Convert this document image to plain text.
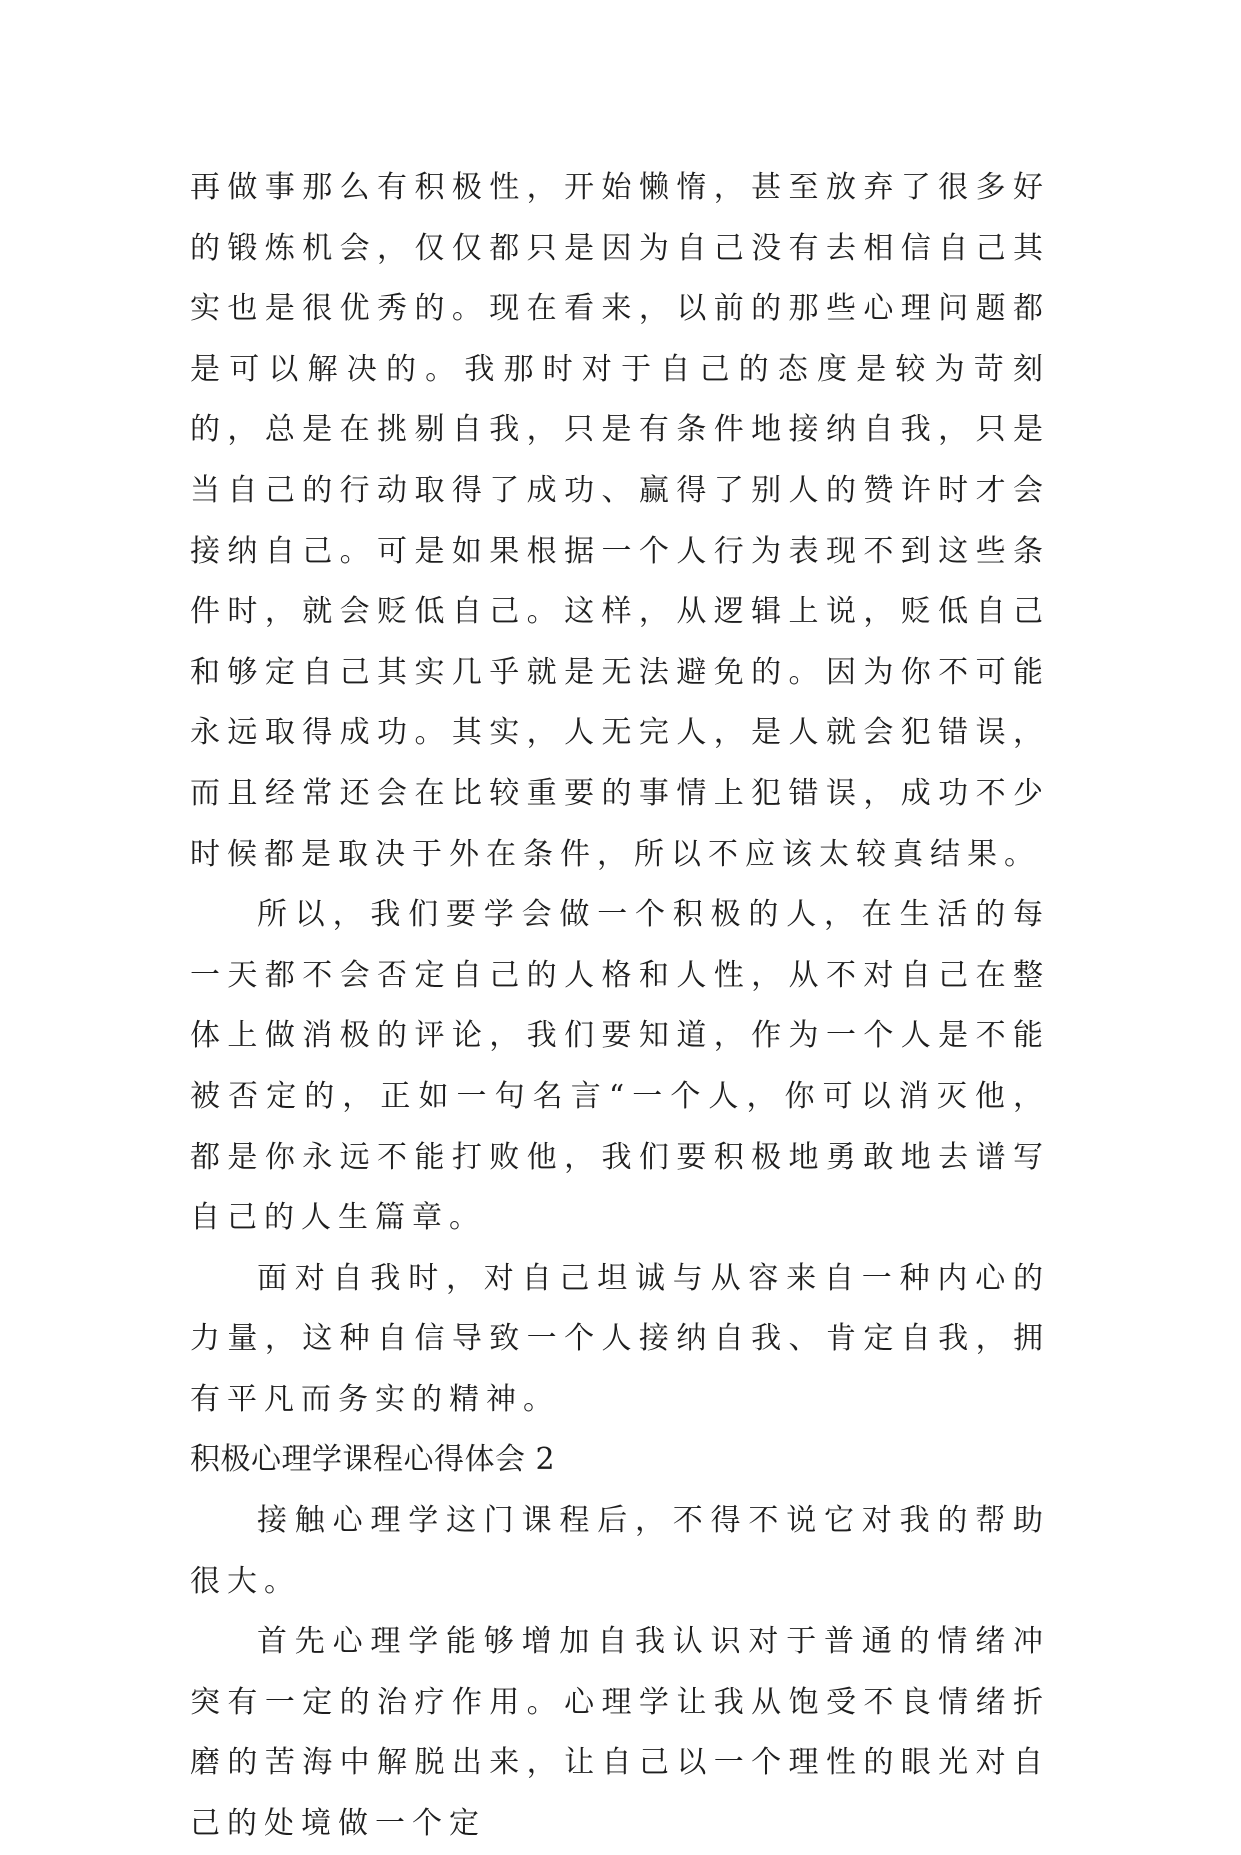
再做事那么有积极性，开始懒惰，甚至放弃了很多好的锻炼机会，仅仅都只是因为自己没有去相信自己其实也是很优秀的。现在看来，以前的那些心理问题都是可以解决的。我那时对于自己的态度是较为苛刻的，总是在挑剔自我，只是有条件地接纳自我，只是当自己的行动取得了成功、赢得了别人的赞许时才会接纳自己。可是如果根据一个人行为表现不到这些条件时，就会贬低自己。这样，从逻辑上说，贬低自己和够定自己其实几乎就是无法避免的。因为你不可能永远取得成功。其实，人无完人，是人就会犯错误，而且经常还会在比较重要的事情上犯错误，成功不少时候都是取决于外在条件，所以不应该太较真结果。

所以，我们要学会做一个积极的人，在生活的每一天都不会否定自己的人格和人性，从不对自己在整体上做消极的评论，我们要知道，作为一个人是不能被否定的，正如一句名言“一个人，你可以消灭他，都是你永远不能打败他，我们要积极地勇敢地去谱写自己的人生篇章。

面对自我时，对自己坦诚与从容来自一种内心的力量，这种自信导致一个人接纳自我、肯定自我，拥有平凡而务实的精神。

积极心理学课程心得体会 2

接触心理学这门课程后，不得不说它对我的帮助很大。

首先心理学能够增加自我认识对于普通的情绪冲突有一定的治疗作用。心理学让我从饱受不良情绪折磨的苦海中解脱出来，让自己以一个理性的眼光对自己的处境做一个定
